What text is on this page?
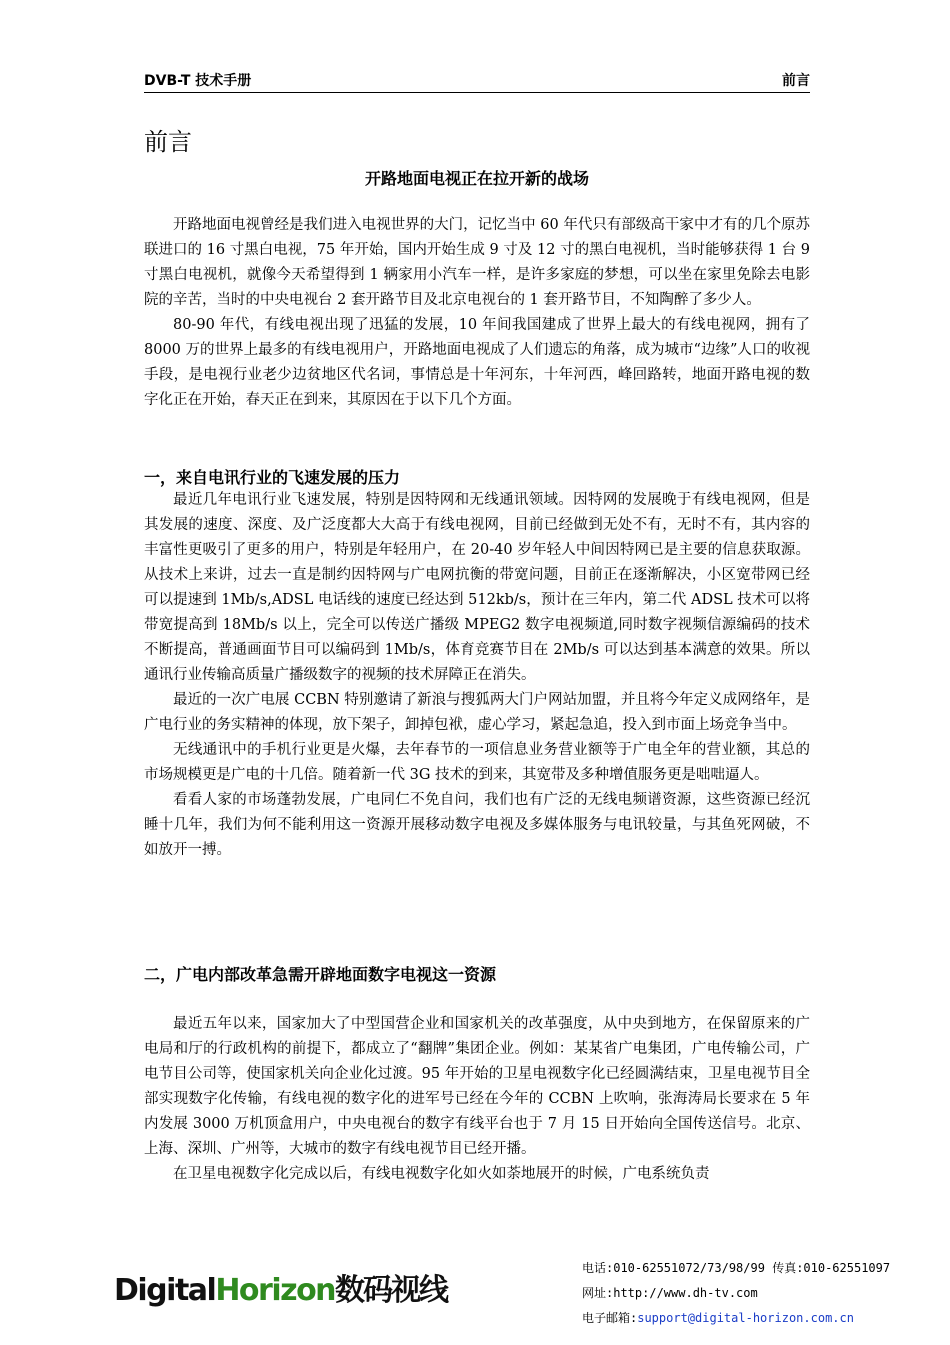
DVB-T 技术手册	前言
前言
开路地面电视正在拉开新的战场

开路地面电视曾经是我们进入电视世界的大门，记忆当中 60 年代只有部级高干家中才有的几个原苏联进口的 16 寸黑白电视，75 年开始，国内开始生成 9 寸及 12 寸的黑白电视机，当时能够获得 1 台 9 寸黑白电视机，就像今天希望得到 1 辆家用小汽车一样，是许多家庭的梦想，可以坐在家里免除去电影院的辛苦，当时的中央电视台 2 套开路节目及北京电视台的 1 套开路节目，不知陶醉了多少人。

80-90 年代，有线电视出现了迅猛的发展，10 年间我国建成了世界上最大的有线电视网，拥有了 8000 万的世界上最多的有线电视用户，开路地面电视成了人们遗忘的角落，成为城市“边缘”人口的收视手段，是电视行业老少边贫地区代名词，事情总是十年河东，十年河西，峰回路转，地面开路电视的数字化正在开始，春天正在到来，其原因在于以下几个方面。

一，来自电讯行业的飞速发展的压力

最近几年电讯行业飞速发展，特别是因特网和无线通讯领域。因特网的发展晚于有线电视网，但是其发展的速度、深度、及广泛度都大大高于有线电视网，目前已经做到无处不有，无时不有，其内容的丰富性更吸引了更多的用户，特别是年轻用户，在 20-40 岁年轻人中间因特网已是主要的信息获取源。从技术上来讲，过去一直是制约因特网与广电网抗衡的带宽问题，目前正在逐渐解决，小区宽带网已经可以提速到 1Mb/s,ADSL 电话线的速度已经达到 512kb/s，预计在三年内，第二代 ADSL 技术可以将带宽提高到 18Mb/s 以上，完全可以传送广播级 MPEG2 数字电视频道,同时数字视频信源编码的技术不断提高，普通画面节目可以编码到 1Mb/s，体育竞赛节目在 2Mb/s 可以达到基本满意的效果。所以通讯行业传输高质量广播级数字的视频的技术屏障正在消失。

最近的一次广电展 CCBN 特别邀请了新浪与搜狐两大门户网站加盟，并且将今年定义成网络年，是广电行业的务实精神的体现，放下架子，卸掉包袱，虚心学习，紧起急追，投入到市面上场竞争当中。

无线通讯中的手机行业更是火爆，去年春节的一项信息业务营业额等于广电全年的营业额，其总的市场规模更是广电的十几倍。随着新一代 3G 技术的到来，其宽带及多种增值服务更是咄咄逼人。

看看人家的市场蓬勃发展，广电同仁不免自问，我们也有广泛的无线电频谱资源，这些资源已经沉睡十几年，我们为何不能利用这一资源开展移动数字电视及多媒体服务与电讯较量，与其鱼死网破，不如放开一搏。

二，广电内部改革急需开辟地面数字电视这一资源

最近五年以来，国家加大了中型国营企业和国家机关的改革强度，从中央到地方，在保留原来的广电局和厅的行政机构的前提下，都成立了“翻牌”集团企业。例如：某某省广电集团，广电传输公司，广电节目公司等，使国家机关向企业化过渡。95 年开始的卫星电视数字化已经圆满结束，卫星电视节目全部实现数字化传输，有线电视的数字化的进军号已经在今年的 CCBN 上吹响，张海涛局长要求在 5 年内发展 3000 万机顶盒用户，中央电视台的数字有线平台也于 7 月 15 日开始向全国传送信号。北京、上海、深圳、广州等，大城市的数字有线电视节目已经开播。

在卫星电视数字化完成以后，有线电视数字化如火如荼地展开的时候，广电系统负责

DigitalHorizon数码视线
电话:010-62551072/73/98/99 传真:010-62551097
网址:http://www.dh-tv.com
电子邮箱:support@digital-horizon.com.cn
